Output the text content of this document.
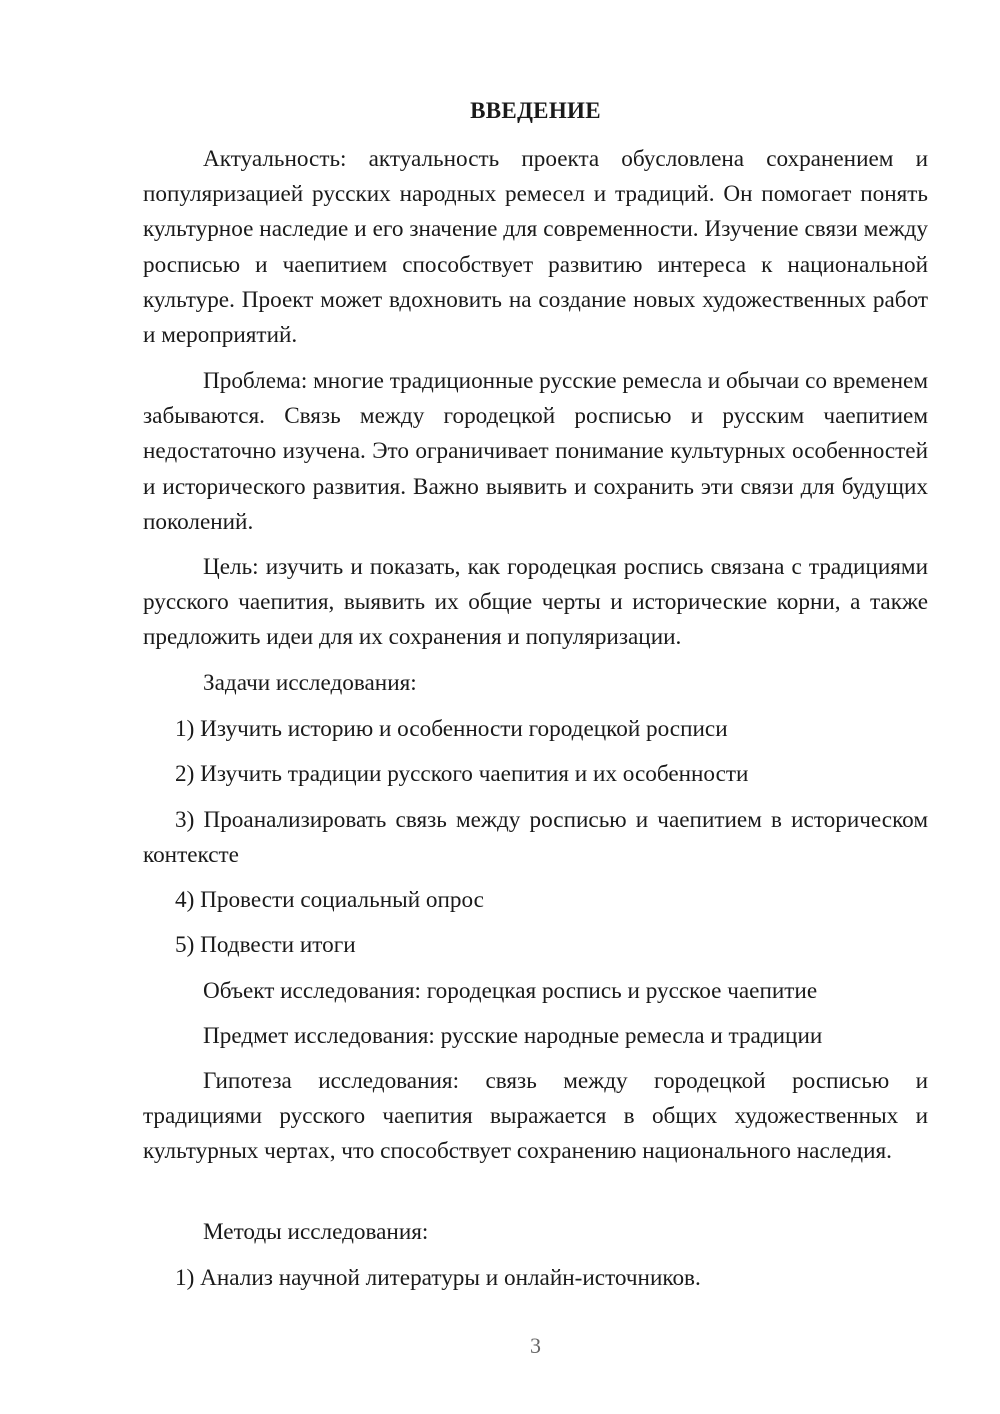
ВВЕДЕНИЕ

Актуальность: актуальность проекта обусловлена сохранением и популяризацией русских народных ремесел и традиций. Он помогает понять культурное наследие и его значение для современности. Изучение связи между росписью и чаепитием способствует развитию интереса к национальной культуре. Проект может вдохновить на создание новых художественных работ и мероприятий.

Проблема: многие традиционные русские ремесла и обычаи со временем забываются. Связь между городецкой росписью и русским чаепитием недостаточно изучена. Это ограничивает понимание культурных особенностей и исторического развития. Важно выявить и сохранить эти связи для будущих поколений.

Цель: изучить и показать, как городецкая роспись связана с традициями русского чаепития, выявить их общие черты и исторические корни, а также предложить идеи для их сохранения и популяризации.

Задачи исследования:

1) Изучить историю и особенности городецкой росписи

2) Изучить традиции русского чаепития и их особенности

3) Проанализировать связь между росписью и чаепитием в историческом контексте

4) Провести социальный опрос

5) Подвести итоги

Объект исследования: городецкая роспись и русское чаепитие

Предмет исследования: русские народные ремесла и традиции

Гипотеза исследования: связь между городецкой росписью и традициями русского чаепития выражается в общих художественных и культурных чертах, что способствует сохранению национального наследия.

Методы исследования:

1) Анализ научной литературы и онлайн-источников.

3
